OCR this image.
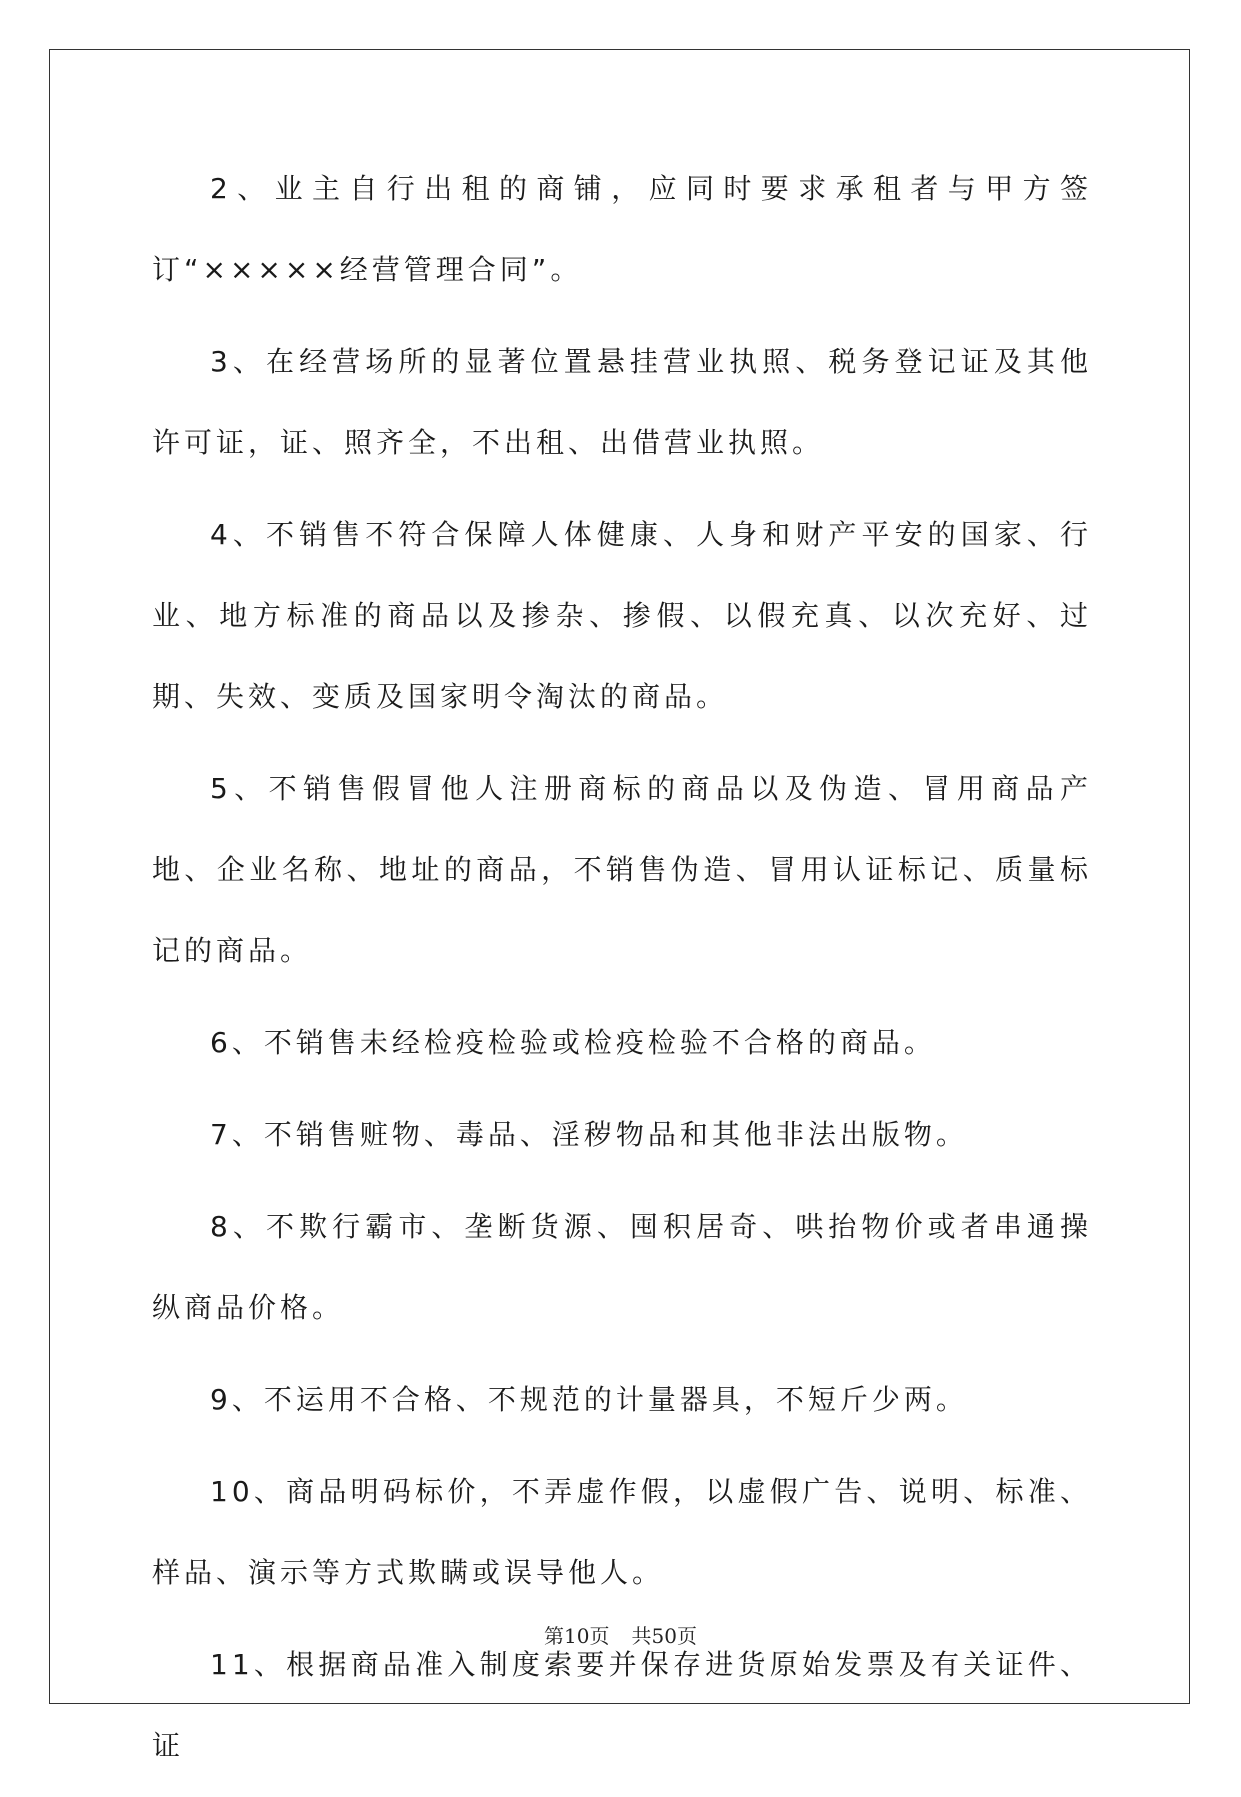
2、业主自行出租的商铺，应同时要求承租者与甲方签订“×××××经营管理合同”。

3、在经营场所的显著位置悬挂营业执照、税务登记证及其他许可证，证、照齐全，不出租、出借营业执照。

4、不销售不符合保障人体健康、人身和财产平安的国家、行业、地方标准的商品以及掺杂、掺假、以假充真、以次充好、过期、失效、变质及国家明令淘汰的商品。

5、不销售假冒他人注册商标的商品以及伪造、冒用商品产地、企业名称、地址的商品，不销售伪造、冒用认证标记、质量标记的商品。

6、不销售未经检疫检验或检疫检验不合格的商品。

7、不销售赃物、毒品、淫秽物品和其他非法出版物。

8、不欺行霸市、垄断货源、囤积居奇、哄抬物价或者串通操纵商品价格。

9、不运用不合格、不规范的计量器具，不短斤少两。

10、商品明码标价，不弄虚作假，以虚假广告、说明、标准、样品、演示等方式欺瞒或误导他人。

11、根据商品准入制度索要并保存进货原始发票及有关证件、证

第10页 共50页
